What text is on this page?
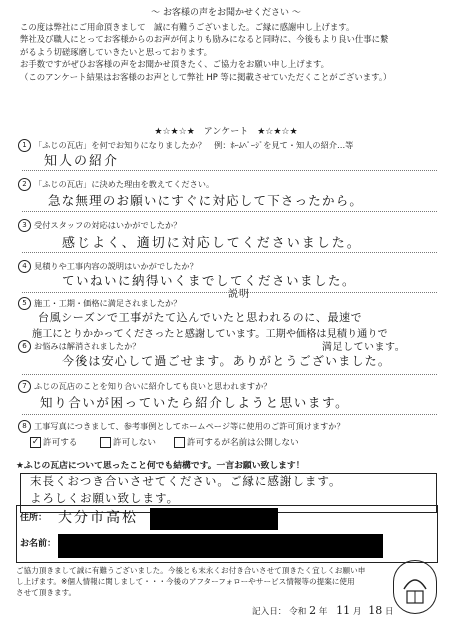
～ お客様の声をお聞かせください ～
この度は弊社にご用命頂きまして　誠に有難うございました。ご縁に感謝申し上げます。
弊社及び職人にとってお客様からのお声が何よりも励みになると同時に、今後もより良い仕事に繋
がるよう切磋琢磨していきたいと思っております。
お手数ですがぜひお客様の声をお聞かせ頂きたく、ご協力をお願い申し上げます。
（このアンケート結果はお客様のお声として弊社 HP 等に掲載させていただくことがございます。）
★☆★☆★　アンケート　★☆★☆★
1 「ふじの瓦店」を何でお知りになりましたか？　例：ﾎｰﾑﾍﾟｰｼﾞを見て・知人の紹介…等
知人の紹介
2 「ふじの瓦店」に決めた理由を教えてください。
急な無理のお願いにすぐに対応して下さったから。
3 受付スタッフの対応はいかがでしたか？
感じよく、適切に対応してくださいました。
4 見積りや工事内容の説明はいかがでしたか？
ていねいに納得いくまでしてくださいました。
説明
5 施工・工期・価格に満足されましたか？
台風シーズンで工事がたて込んでいたと思われるのに、最速で
施工にとりかかってくださったと感謝しています。工期や価格は見積り通りで
6 お悩みは解消されましたか？	満足しています。
今後は安心して過ごせます。ありがとうございました。
7 ふじの瓦店のことを知り合いに紹介しても良いと思われますか？
知り合いが困っていたら紹介しようと思います。
8 工事写真につきまして、参考事例としてホームページ等に使用のご許可頂けますか？
✓ 許可する	許可しない	許可するが名前は公開しない
★ふじの瓦店について思ったこと何でも結構です。一言お願い致します！
末長くおつき合いさせてください。ご縁に感謝します。
よろしくお願い致します。
住所： 大分市高松
お名前：
ご協力頂きまして誠に有難うございました。今後とも末永くお付き合いさせて頂きたく宜しくお願い申
し上げます。※個人情報に関しまして・・・今後のアフターフォローやサービス情報等の提案に使用
させて頂きます。
記入日： 令和 2 年 11 月 18 日
